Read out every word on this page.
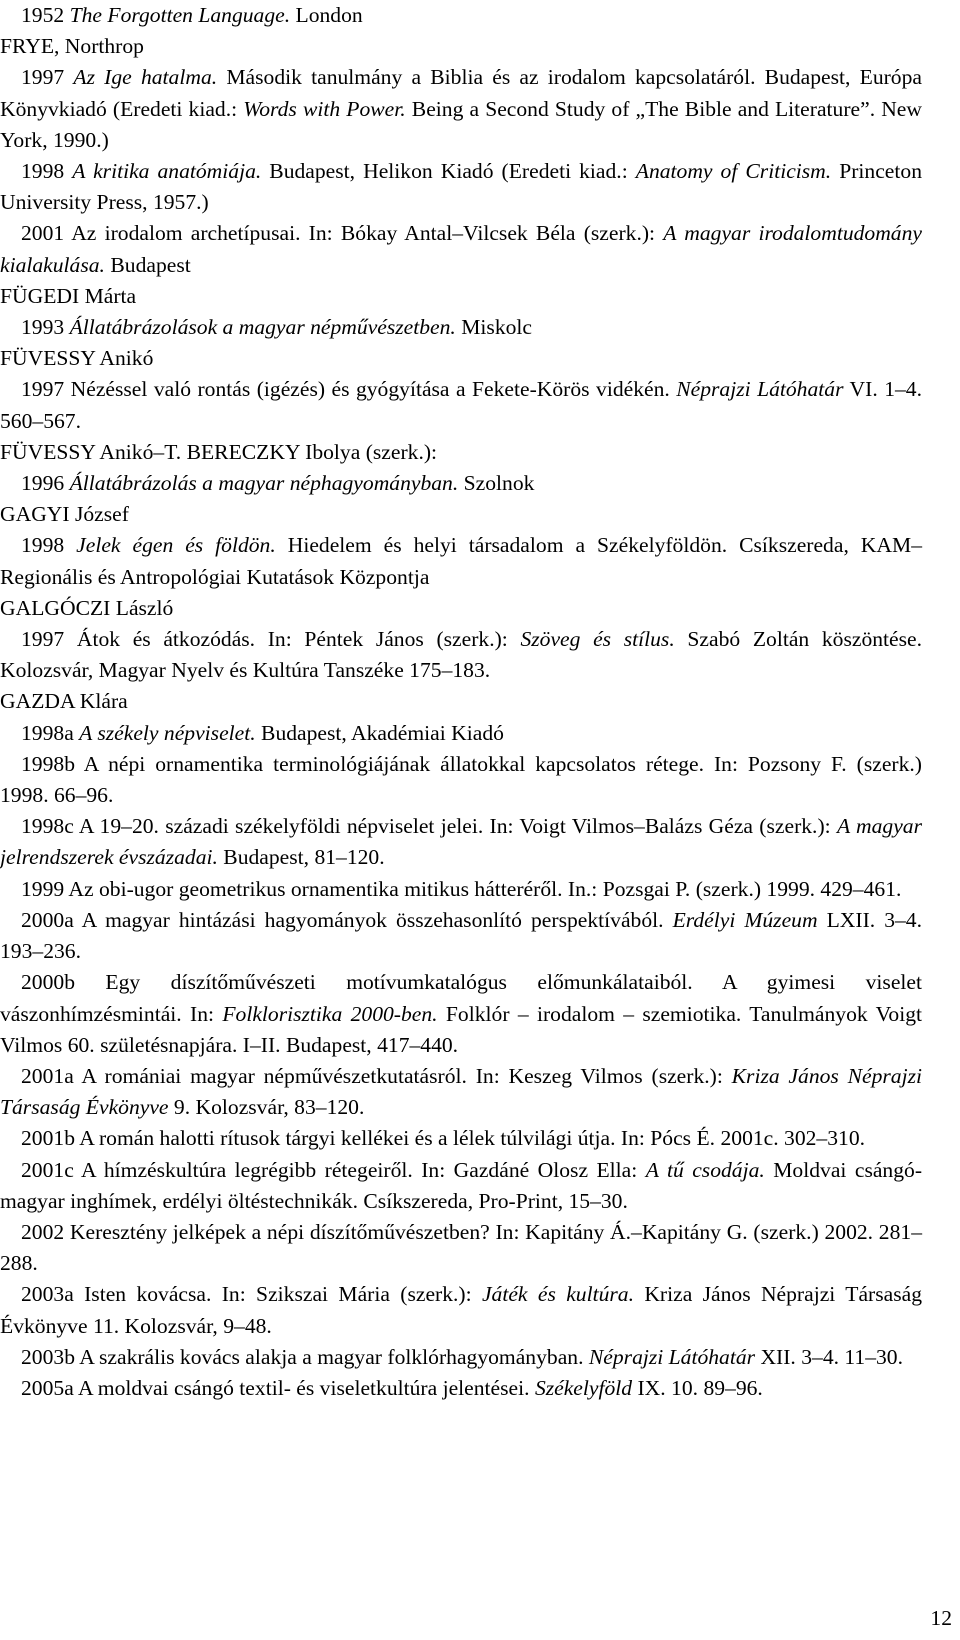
1952 The Forgotten Language. London
FRYE, Northrop
1997 Az Ige hatalma. Második tanulmány a Biblia és az irodalom kapcsolatáról. Budapest, Európa Könyvkiadó (Eredeti kiad.: Words with Power. Being a Second Study of „The Bible and Literature”. New York, 1990.)
1998 A kritika anatómiája. Budapest, Helikon Kiadó (Eredeti kiad.: Anatomy of Criticism. Princeton University Press, 1957.)
2001 Az irodalom archetípusai. In: Bókay Antal–Vilcsek Béla (szerk.): A magyar irodalomtudomány kialakulása. Budapest
FÜGEDI Márta
1993 Állatábrázolások a magyar népművészetben. Miskolc
FÜVESSY Anikó
1997 Nézéssel való rontás (igézés) és gyógyítása a Fekete-Körös vidékén. Néprajzi Látóhatár VI. 1–4. 560–567.
FÜVESSY Anikó–T. BERECZKY Ibolya (szerk.):
1996 Állatábrázolás a magyar néphagyományban. Szolnok
GAGYI József
1998 Jelek égen és földön. Hiedelem és helyi társadalom a Székelyföldön. Csíkszereda, KAM–Regionális és Antropológiai Kutatások Központja
GALGÓCZI László
1997 Átok és átkozódás. In: Péntek János (szerk.): Szöveg és stílus. Szabó Zoltán köszöntése. Kolozsvár, Magyar Nyelv és Kultúra Tanszéke 175–183.
GAZDA Klára
1998a A székely népviselet. Budapest, Akadémiai Kiadó
1998b A népi ornamentika terminológiájának állatokkal kapcsolatos rétege. In: Pozsony F. (szerk.) 1998. 66–96.
1998c A 19–20. századi székelyföldi népviselet jelei. In: Voigt Vilmos–Balázs Géza (szerk.): A magyar jelrendszerek évszázadai. Budapest, 81–120.
1999 Az obi-ugor geometrikus ornamentika mitikus hátteréről. In.: Pozsgai P. (szerk.) 1999. 429–461.
2000a A magyar hintázási hagyományok összehasonlító perspektívából. Erdélyi Múzeum LXII. 3–4. 193–236.
2000b Egy díszítőművészeti motívumkatalógus előmunkálataiból. A gyimesi viselet vászonhímzésmintái. In: Folklorisztika 2000-ben. Folklór – irodalom – szemiotika. Tanulmányok Voigt Vilmos 60. születésnapjára. I–II. Budapest, 417–440.
2001a A romániai magyar népművészetkutatásról. In: Keszeg Vilmos (szerk.): Kriza János Néprajzi Társaság Évkönyve 9. Kolozsvár, 83–120.
2001b A román halotti rítusok tárgyi kellékei és a lélek túlvilági útja. In: Pócs É. 2001c. 302–310.
2001c A hímzéskultúra legrégibb rétegeiről. In: Gazdáné Olosz Ella: A tű csodája. Moldvai csángó-magyar inghímek, erdélyi öltéstechnikák. Csíkszereda, Pro-Print, 15–30.
2002 Keresztény jelképek a népi díszítőművészetben? In: Kapitány Á.–Kapitány G. (szerk.) 2002. 281–288.
2003a Isten kovácsa. In: Szikszai Mária (szerk.): Játék és kultúra. Kriza János Néprajzi Társaság Évkönyve 11. Kolozsvár, 9–48.
2003b A szakrális kovács alakja a magyar folklórhagyományban. Néprajzi Látóhatár XII. 3–4. 11–30.
2005a A moldvai csángó textil- és viseletkultúra jelentései. Székelyföld IX. 10. 89–96.
12
